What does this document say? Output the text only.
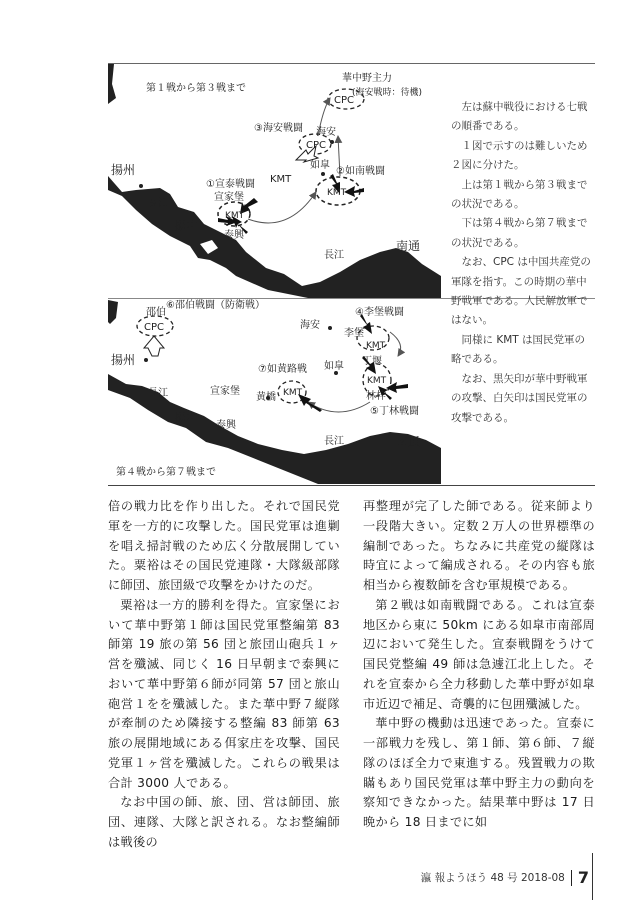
第１戦から第３戦まで
揚州
揚中
南通
泰興
宣家堡
如皐
海安
長江
長江
①宣泰戦闘
②如南戦闘
③海安戦闘
KMT
KMT
KMT
CPC
CPC
華中野主力
(海安戦時：待機)
第４戦から第７戦まで
邵伯
揚州
揚中
南通
泰興
宣家堡
如皐
海安
李堡
丁堰
林梓
黄橋
長江
長江
④李堡戦闘
⑤丁林戦闘
⑥邵伯戦闘（防衛戦）
⑦如黄路戦
KMT
KMT
KMT
CPC

左は蘇中戦役における七戦の順番である。

１図で示すのは難しいため２図に分けた。

上は第１戦から第３戦までの状況である。

下は第４戦から第７戦までの状況である。

なお、CPC は中国共産党の軍隊を指す。この時期の華中野戦軍である。人民解放軍ではない。

同様に KMT は国民党軍の略である。

なお、黒矢印が華中野戦軍の攻撃、白矢印は国民党軍の攻撃である。

倍の戦力比を作り出した。それで国民党軍を一方的に攻撃した。国民党軍は進剿を唱え掃討戦のため広く分散展開していた。粟裕はその国民党連隊・大隊級部隊に師団、旅団級で攻撃をかけたのだ。

粟裕は一方的勝利を得た。宣家堡において華中野第１師は国民党軍整編第 83 師第 19 旅の第 56 団と旅団山砲兵１ヶ営を殲滅、同じく 16 日早朝まで泰興において華中野第６師が同第 57 団と旅山砲営１をを殲滅した。また華中野７縦隊が牽制のため隣接する整編 83 師第 63 旅の展開地域にある佴家庄を攻撃、国民党軍１ヶ営を殲滅した。これらの戦果は合計 3000 人である。

なお中国の師、旅、団、営は師団、旅団、連隊、大隊と訳される。なお整編師は戦後の

再整理が完了した師である。従来師より一段階大きい。定数２万人の世界標準の編制であった。ちなみに共産党の縦隊は時宜によって編成される。その内容も旅相当から複数師を含む軍規模である。

第２戦は如南戦闘である。これは宣泰地区から東に 50km にある如皐市南部周辺において発生した。宣泰戦闘をうけて国民党整編 49 師は急遽江北上した。それを宣泰から全力移動した華中野が如皐市近辺で補足、奇襲的に包囲殲滅した。

華中野の機動は迅速であった。宣泰に一部戦力を残し、第１師、第６師、７縦隊のほぼ全力で東進する。残置戦力の欺瞞もあり国民党軍は華中野主力の動向を察知できなかった。結果華中野は 17 日晩から 18 日までに如

瀛 報ようほう 48 号 2018-08 7
